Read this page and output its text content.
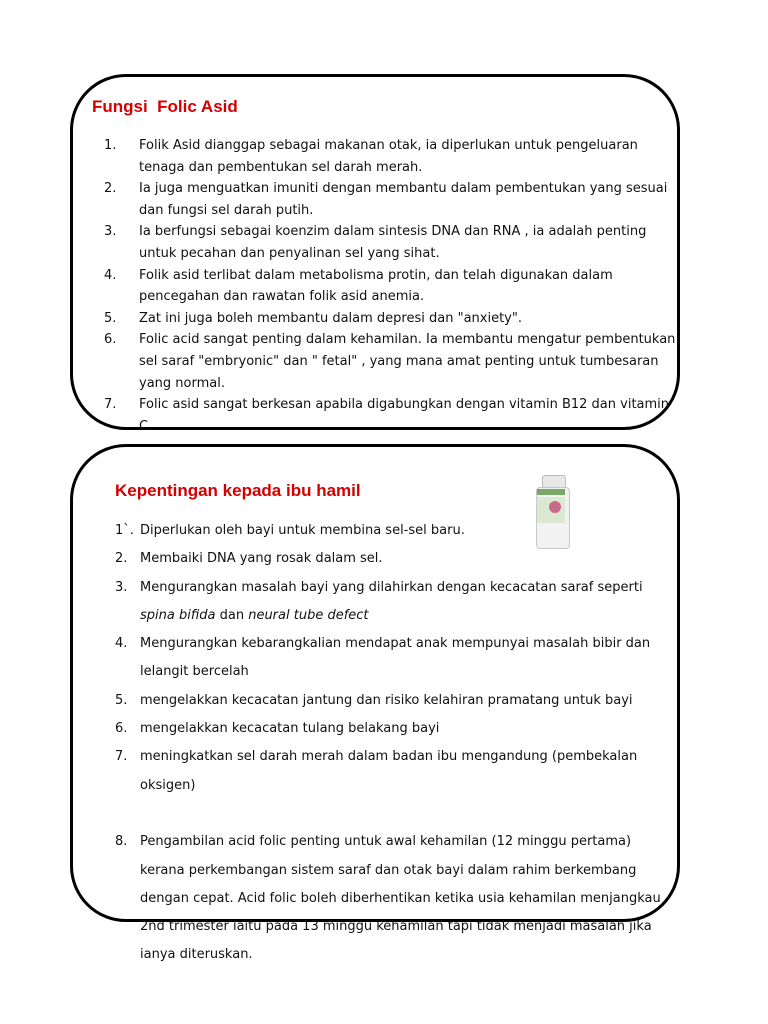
Fungsi  Folic Asid
1. Folik Asid dianggap sebagai makanan otak, ia diperlukan untuk pengeluaran tenaga dan pembentukan sel darah merah.
2. Ia juga menguatkan imuniti dengan membantu dalam pembentukan yang sesuai dan fungsi sel darah putih.
3. Ia berfungsi sebagai koenzim dalam sintesis DNA dan RNA , ia adalah penting untuk pecahan dan penyalinan sel yang sihat.
4. Folik asid terlibat dalam metabolisma protin, dan telah digunakan dalam pencegahan dan rawatan folik asid anemia.
5. Zat ini juga boleh membantu dalam depresi dan "anxiety".
6. Folic acid sangat penting dalam kehamilan. Ia membantu mengatur pembentukan sel saraf "embryonic" dan " fetal" , yang mana amat penting untuk tumbesaran yang normal.
7. Folic asid sangat berkesan apabila digabungkan dengan vitamin B12 dan vitamin C.
Kepentingan kepada ibu hamil
1`. Diperlukan oleh bayi untuk membina sel-sel baru.
2. Membaiki DNA yang rosak dalam sel.
3. Mengurangkan masalah bayi yang dilahirkan dengan kecacatan saraf seperti spina bifida dan neural tube defect
4. Mengurangkan kebarangkalian mendapat anak mempunyai masalah bibir dan lelangit bercelah
5. mengelakkan kecacatan jantung dan risiko kelahiran pramatang untuk bayi
6. mengelakkan kecacatan tulang belakang bayi
7. meningkatkan sel darah merah dalam badan ibu mengandung (pembekalan oksigen)
8. Pengambilan acid folic penting untuk awal kehamilan (12 minggu pertama) kerana perkembangan sistem saraf dan otak bayi dalam rahim berkembang dengan cepat. Acid folic boleh diberhentikan ketika usia kehamilan menjangkau 2nd trimester iaitu pada 13 minggu kehamilan tapi tidak menjadi masalah jika ianya diteruskan.
